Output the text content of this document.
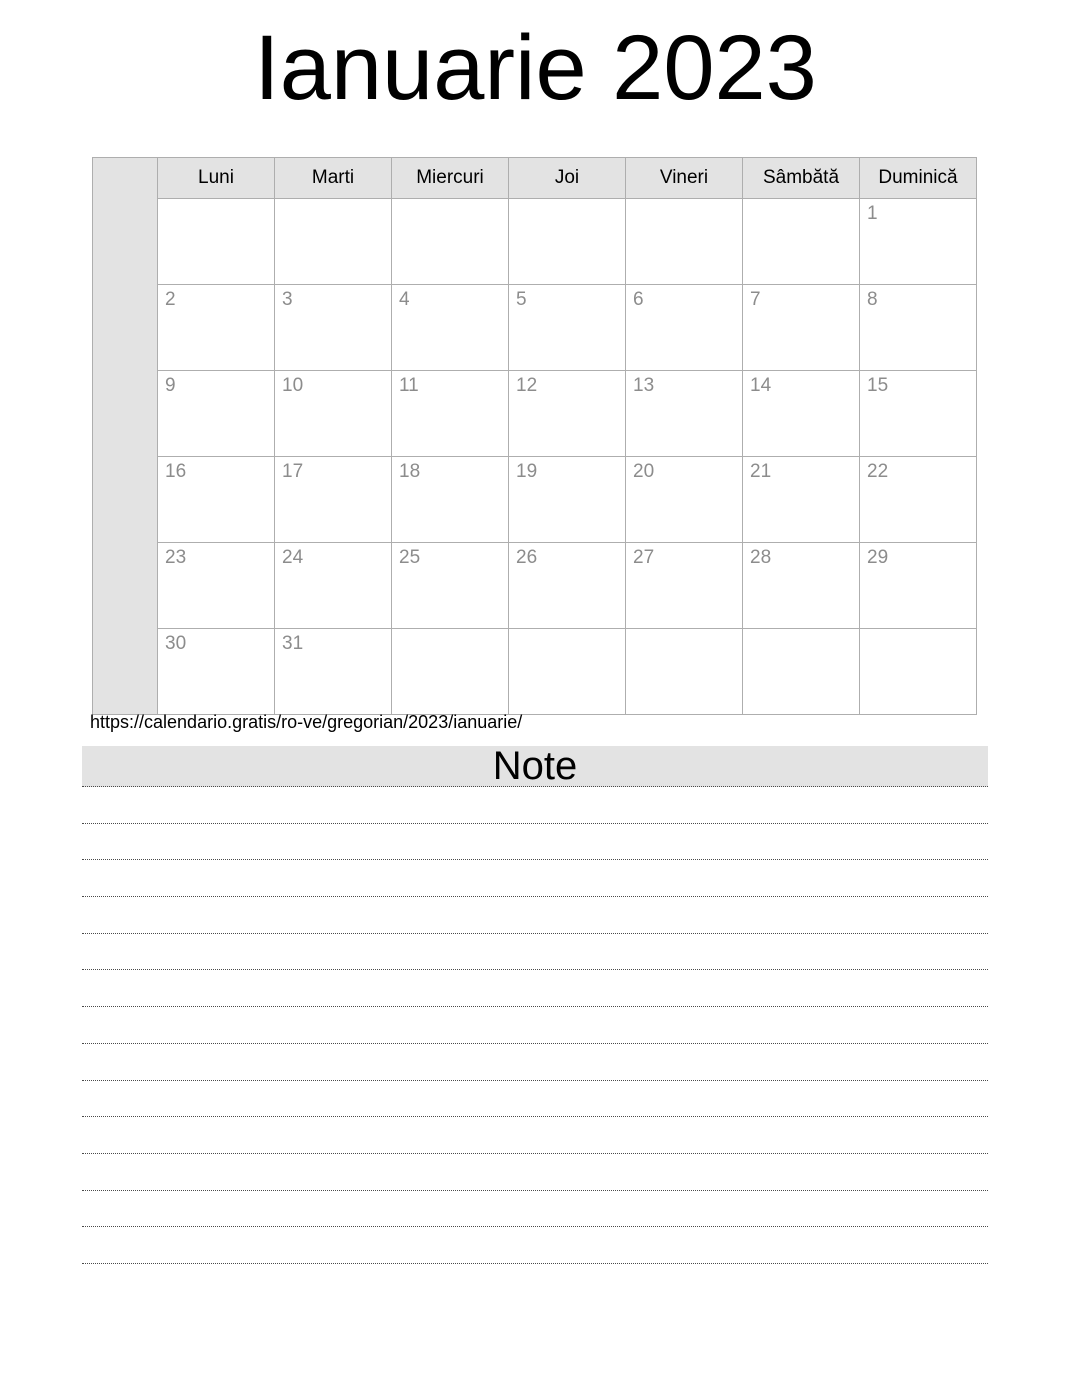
Ianuarie 2023
	Luni	Marti	Miercuri	Joi	Vineri	Sâmbătă	Duminică

							1

	2	3	4	5	6	7	8

	9	10	11	12	13	14	15

	16	17	18	19	20	21	22

	23	24	25	26	27	28	29

	30	31					

https://calendario.gratis/ro-ve/gregorian/2023/ianuarie/
Note
